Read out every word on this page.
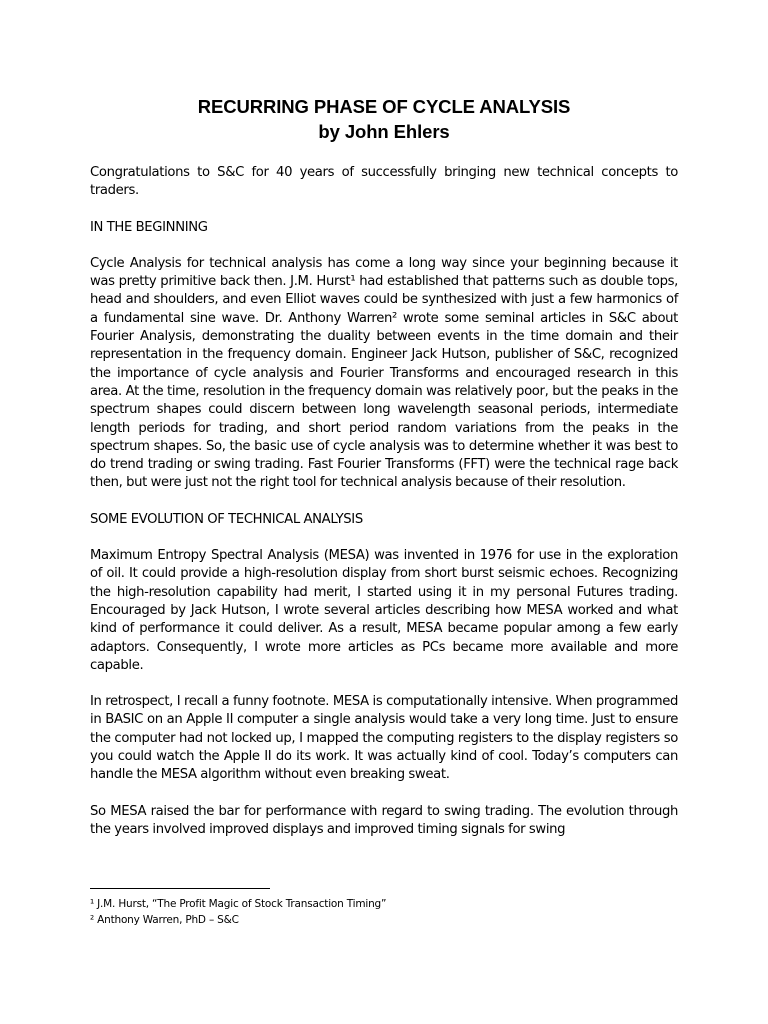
RECURRING PHASE OF CYCLE ANALYSIS
by John Ehlers

Congratulations to S&C for 40 years of successfully bringing new technical concepts to traders.

IN THE BEGINNING

Cycle Analysis for technical analysis has come a long way since your beginning because it was pretty primitive back then. J.M. Hurst¹ had established that patterns such as double tops, head and shoulders, and even Elliot waves could be synthesized with just a few harmonics of a fundamental sine wave. Dr. Anthony Warren² wrote some seminal articles in S&C about Fourier Analysis, demonstrating the duality between events in the time domain and their representation in the frequency domain. Engineer Jack Hutson, publisher of S&C, recognized the importance of cycle analysis and Fourier Transforms and encouraged research in this area. At the time, resolution in the frequency domain was relatively poor, but the peaks in the spectrum shapes could discern between long wavelength seasonal periods, intermediate length periods for trading, and short period random variations from the peaks in the spectrum shapes. So, the basic use of cycle analysis was to determine whether it was best to do trend trading or swing trading. Fast Fourier Transforms (FFT) were the technical rage back then, but were just not the right tool for technical analysis because of their resolution.

SOME EVOLUTION OF TECHNICAL ANALYSIS

Maximum Entropy Spectral Analysis (MESA) was invented in 1976 for use in the exploration of oil. It could provide a high-resolution display from short burst seismic echoes. Recognizing the high-resolution capability had merit, I started using it in my personal Futures trading. Encouraged by Jack Hutson, I wrote several articles describing how MESA worked and what kind of performance it could deliver. As a result, MESA became popular among a few early adaptors. Consequently, I wrote more articles as PCs became more available and more capable.

In retrospect, I recall a funny footnote. MESA is computationally intensive. When programmed in BASIC on an Apple II computer a single analysis would take a very long time. Just to ensure the computer had not locked up, I mapped the computing registers to the display registers so you could watch the Apple II do its work. It was actually kind of cool. Today’s computers can handle the MESA algorithm without even breaking sweat.

So MESA raised the bar for performance with regard to swing trading. The evolution through the years involved improved displays and improved timing signals for swing

¹ J.M. Hurst, “The Profit Magic of Stock Transaction Timing”
² Anthony Warren, PhD – S&C
